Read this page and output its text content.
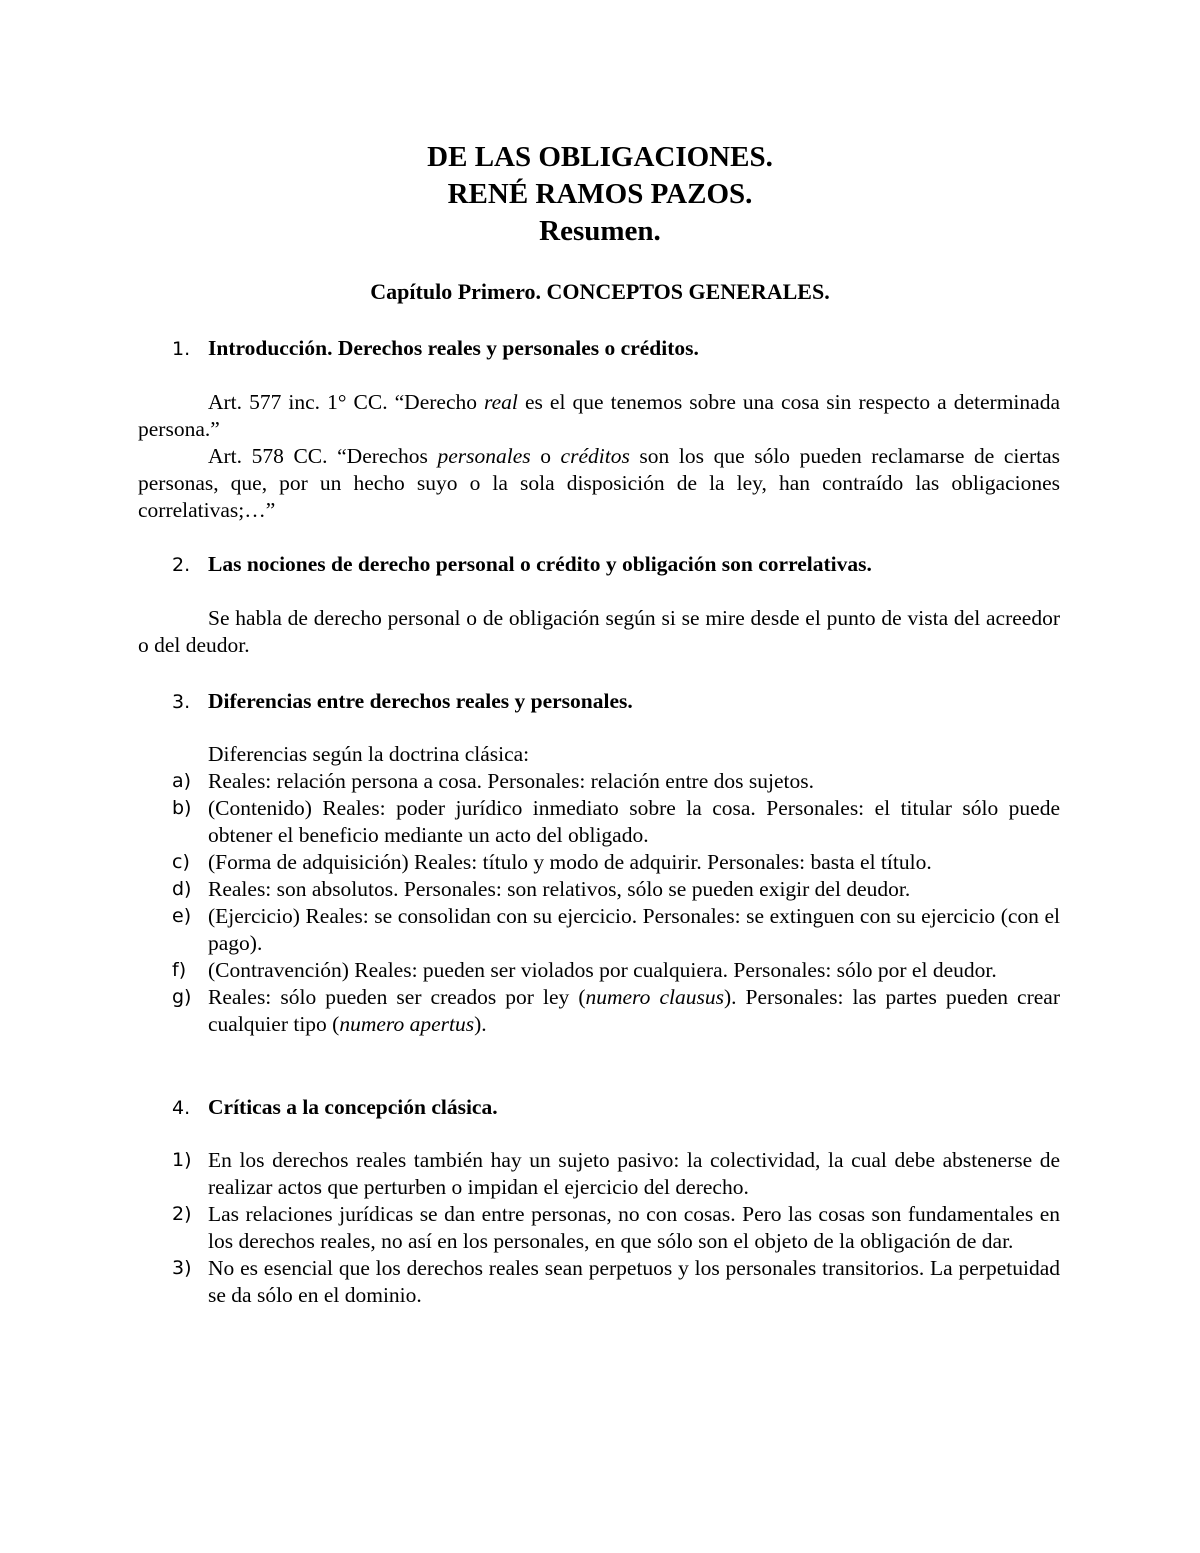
DE LAS OBLIGACIONES.
RENÉ RAMOS PAZOS.
Resumen.
Capítulo Primero. CONCEPTOS GENERALES.
1. Introducción. Derechos reales y personales o créditos.
Art. 577 inc. 1° CC. “Derecho real es el que tenemos sobre una cosa sin respecto a determinada persona.”
Art. 578 CC. “Derechos personales o créditos son los que sólo pueden reclamarse de ciertas personas, que, por un hecho suyo o la sola disposición de la ley, han contraído las obligaciones correlativas;…”
2. Las nociones de derecho personal o crédito y obligación son correlativas.
Se habla de derecho personal o de obligación según si se mire desde el punto de vista del acreedor o del deudor.
3. Diferencias entre derechos reales y personales.
Diferencias según la doctrina clásica:
a) Reales: relación persona a cosa. Personales: relación entre dos sujetos.
b) (Contenido) Reales: poder jurídico inmediato sobre la cosa. Personales: el titular sólo puede obtener el beneficio mediante un acto del obligado.
c) (Forma de adquisición) Reales: título y modo de adquirir. Personales: basta el título.
d) Reales: son absolutos. Personales: son relativos, sólo se pueden exigir del deudor.
e) (Ejercicio) Reales: se consolidan con su ejercicio. Personales: se extinguen con su ejercicio (con el pago).
f) (Contravención) Reales: pueden ser violados por cualquiera. Personales: sólo por el deudor.
g) Reales: sólo pueden ser creados por ley (numero clausus). Personales: las partes pueden crear cualquier tipo (numero apertus).
4. Críticas a la concepción clásica.
1) En los derechos reales también hay un sujeto pasivo: la colectividad, la cual debe abstenerse de realizar actos que perturben o impidan el ejercicio del derecho.
2) Las relaciones jurídicas se dan entre personas, no con cosas. Pero las cosas son fundamentales en los derechos reales, no así en los personales, en que sólo son el objeto de la obligación de dar.
3) No es esencial que los derechos reales sean perpetuos y los personales transitorios. La perpetuidad se da sólo en el dominio.
